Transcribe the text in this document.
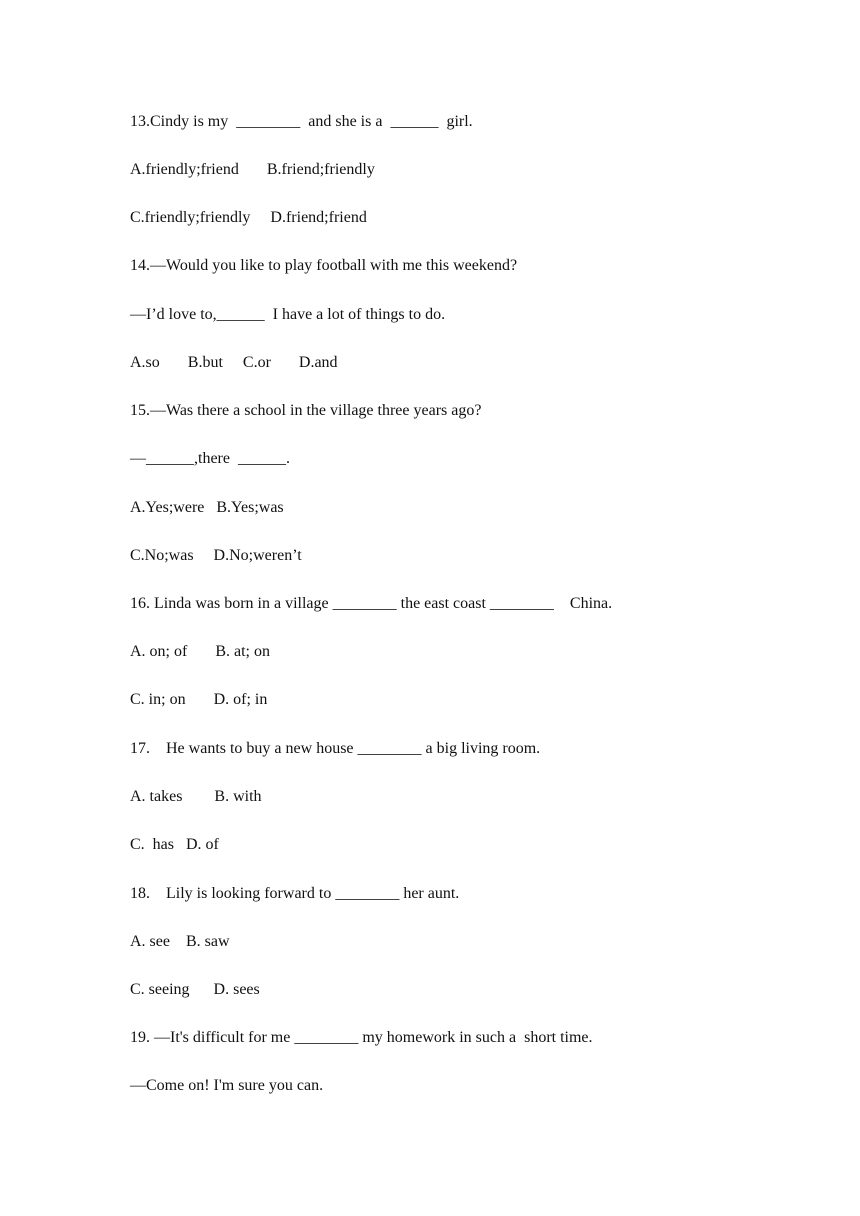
13.Cindy is my  ________  and she is a  ______  girl.
A.friendly;friend       B.friend;friendly
C.friendly;friendly     D.friend;friend
14.—Would you like to play football with me this weekend?
—I’d love to,______  I have a lot of things to do.
A.so       B.but     C.or       D.and
15.—Was there a school in the village three years ago?
—______,there  ______.
A.Yes;were   B.Yes;was
C.No;was     D.No;weren’t
16. Linda was born in a village ________ the east coast ________    China.
A. on; of       B. at; on
C. in; on       D. of; in
17.    He wants to buy a new house ________ a big living room.
A. takes        B. with
C.  has   D. of
18.    Lily is looking forward to ________ her aunt.
A. see    B. saw
C. seeing      D. sees
19. —It's difficult for me ________ my homework in such a  short time.
—Come on! I'm sure you can.
